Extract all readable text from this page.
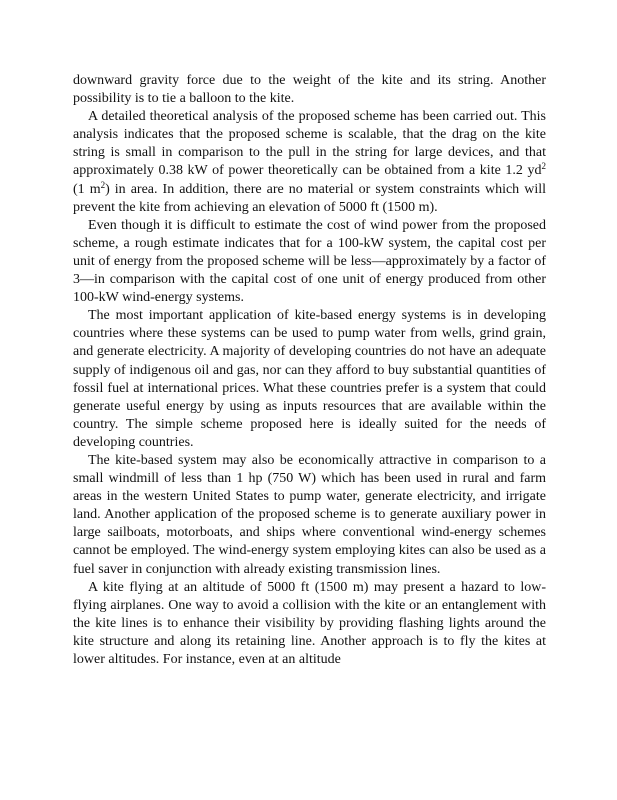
downward gravity force due to the weight of the kite and its string. Another possibility is to tie a balloon to the kite.

A detailed theoretical analysis of the proposed scheme has been carried out. This analysis indicates that the proposed scheme is scalable, that the drag on the kite string is small in comparison to the pull in the string for large devices, and that approximately 0.38 kW of power theoretically can be obtained from a kite 1.2 $yd^2$ (1 $m^2$) in area. In addition, there are no material or system constraints which will prevent the kite from achieving an elevation of 5000 ft (1500 m).

Even though it is difficult to estimate the cost of wind power from the proposed scheme, a rough estimate indicates that for a 100-kW system, the capital cost per unit of energy from the proposed scheme will be less—approximately by a factor of 3—in comparison with the capital cost of one unit of energy produced from other 100-kW wind-energy systems.

The most important application of kite-based energy systems is in developing countries where these systems can be used to pump water from wells, grind grain, and generate electricity. A majority of developing countries do not have an adequate supply of indigenous oil and gas, nor can they afford to buy substantial quantities of fossil fuel at international prices. What these countries prefer is a system that could generate useful energy by using as inputs resources that are available within the country. The simple scheme proposed here is ideally suited for the needs of developing countries.

The kite-based system may also be economically attractive in comparison to a small windmill of less than 1 hp (750 W) which has been used in rural and farm areas in the western United States to pump water, generate electricity, and irrigate land. Another application of the proposed scheme is to generate auxiliary power in large sailboats, motorboats, and ships where conventional wind-energy schemes cannot be employed. The wind-energy system employing kites can also be used as a fuel saver in conjunction with already existing transmission lines.

A kite flying at an altitude of 5000 ft (1500 m) may present a hazard to low-flying airplanes. One way to avoid a collision with the kite or an entanglement with the kite lines is to enhance their visibility by providing flashing lights around the kite structure and along its retaining line. Another approach is to fly the kites at lower altitudes. For instance, even at an altitude
